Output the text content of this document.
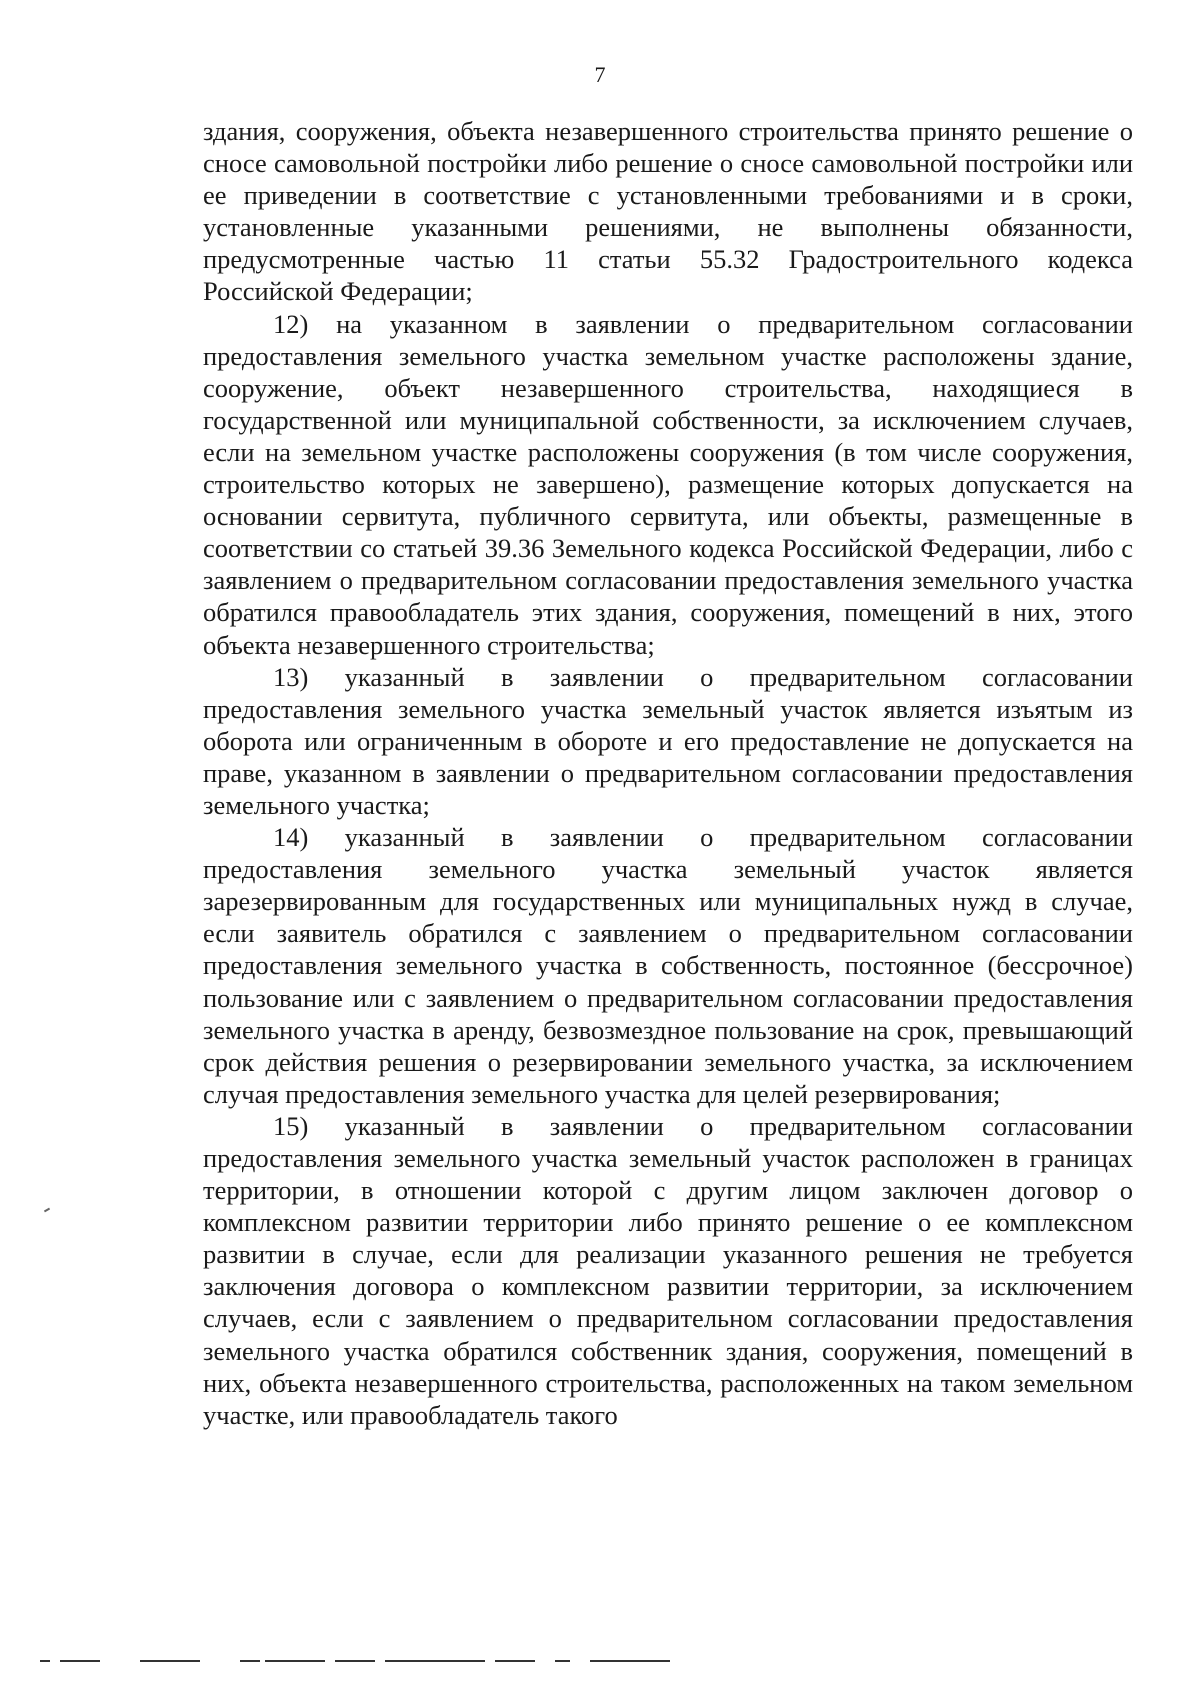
7

здания, сооружения, объекта незавершенного строительства принято решение о сносе самовольной постройки либо решение о сносе самовольной постройки или ее приведении в соответствие с установленными требованиями и в сроки, установленные указанными решениями, не выполнены обязанности, предусмотренные частью 11 статьи 55.32 Градостроительного кодекса Российской Федерации;

12) на указанном в заявлении о предварительном согласовании предоставления земельного участка земельном участке расположены здание, сооружение, объект незавершенного строительства, находящиеся в государственной или муниципальной собственности, за исключением случаев, если на земельном участке расположены сооружения (в том числе сооружения, строительство которых не завершено), размещение которых допускается на основании сервитута, публичного сервитута, или объекты, размещенные в соответствии со статьей 39.36 Земельного кодекса Российской Федерации, либо с заявлением о предварительном согласовании предоставления земельного участка обратился правообладатель этих здания, сооружения, помещений в них, этого объекта незавершенного строительства;

13) указанный в заявлении о предварительном согласовании предоставления земельного участка земельный участок является изъятым из оборота или ограниченным в обороте и его предоставление не допускается на праве, указанном в заявлении о предварительном согласовании предоставления земельного участка;

14) указанный в заявлении о предварительном согласовании предоставления земельного участка земельный участок является зарезервированным для государственных или муниципальных нужд в случае, если заявитель обратился с заявлением о предварительном согласовании предоставления земельного участка в собственность, постоянное (бессрочное) пользование или с заявлением о предварительном согласовании предоставления земельного участка в аренду, безвозмездное пользование на срок, превышающий срок действия решения о резервировании земельного участка, за исключением случая предоставления земельного участка для целей резервирования;

15) указанный в заявлении о предварительном согласовании предоставления земельного участка земельный участок расположен в границах территории, в отношении которой с другим лицом заключен договор о комплексном развитии территории либо принято решение о ее комплексном развитии в случае, если для реализации указанного решения не требуется заключения договора о комплексном развитии территории, за исключением случаев, если с заявлением о предварительном согласовании предоставления земельного участка обратился собственник здания, сооружения, помещений в них, объекта незавершенного строительства, расположенных на таком земельном участке, или правообладатель такого
